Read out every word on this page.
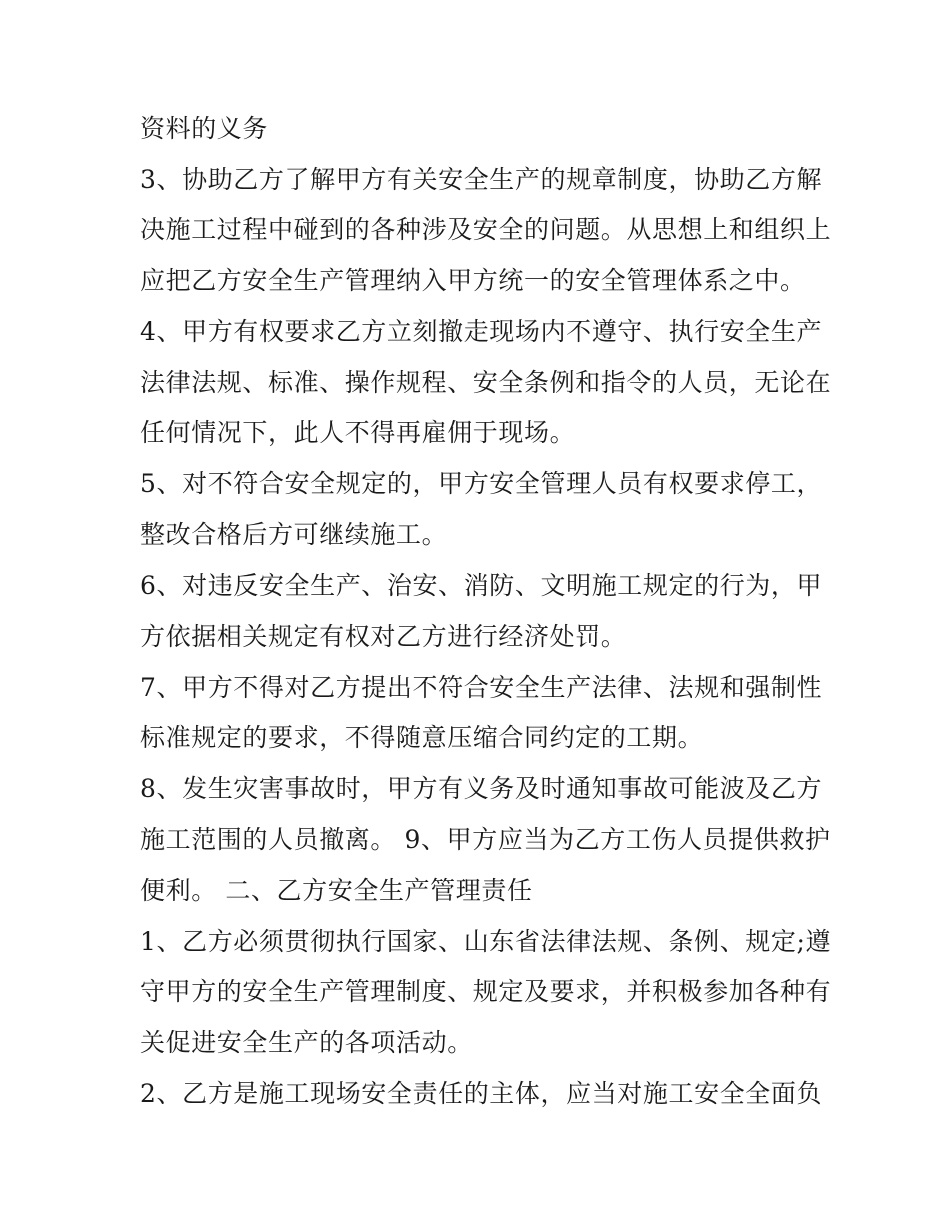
资料的义务
3、协助乙方了解甲方有关安全生产的规章制度，协助乙方解
决施工过程中碰到的各种涉及安全的问题。从思想上和组织上
应把乙方安全生产管理纳入甲方统一的安全管理体系之中。
4、甲方有权要求乙方立刻撤走现场内不遵守、执行安全生产
法律法规、标准、操作规程、安全条例和指令的人员，无论在
任何情况下，此人不得再雇佣于现场。
5、对不符合安全规定的，甲方安全管理人员有权要求停工，
整改合格后方可继续施工。
6、对违反安全生产、治安、消防、文明施工规定的行为，甲
方依据相关规定有权对乙方进行经济处罚。
7、甲方不得对乙方提出不符合安全生产法律、法规和强制性
标准规定的要求，不得随意压缩合同约定的工期。
8、发生灾害事故时，甲方有义务及时通知事故可能波及乙方
施工范围的人员撤离。 9、甲方应当为乙方工伤人员提供救护
便利。 二、乙方安全生产管理责任
1、乙方必须贯彻执行国家、山东省法律法规、条例、规定;遵
守甲方的安全生产管理制度、规定及要求，并积极参加各种有
关促进安全生产的各项活动。
2、乙方是施工现场安全责任的主体，应当对施工安全全面负
